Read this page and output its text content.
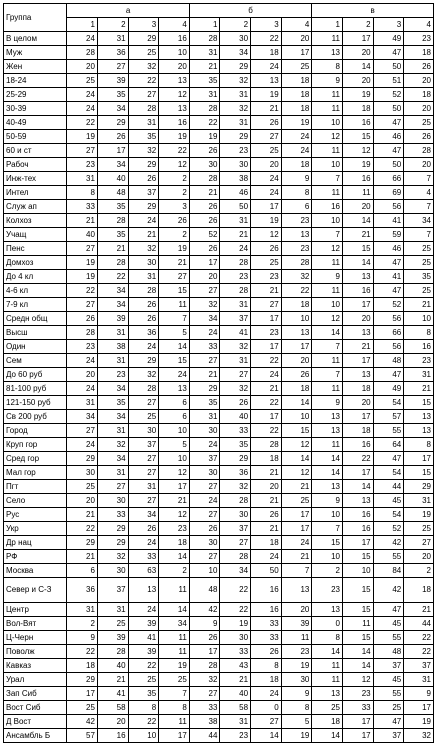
Группа	а				б				в			
	1	2	3	4	1	2	3	4	1	2	3	4
В целом	24	31	29	16	28	30	22	20	11	17	49	23
Муж	28	36	25	10	31	34	18	17	13	20	47	18
Жен	20	27	32	20	21	29	24	25	8	14	50	26
18-24	25	39	22	13	35	32	13	18	9	20	51	20
25-29	24	35	27	12	31	31	19	18	11	19	52	18
30-39	24	34	28	13	28	32	21	18	11	18	50	20
40-49	22	29	31	16	22	31	26	19	10	16	47	25
50-59	19	26	35	19	19	29	27	24	12	15	46	26
60 и ст	27	17	32	22	26	23	25	24	11	12	47	28
Рабоч	23	34	29	12	30	30	20	18	10	19	50	20
Инж-тех	31	40	26	2	28	38	24	9	7	16	66	7
Интел	8	48	37	2	21	46	24	8	11	11	69	4
Служ ап	33	35	29	3	26	50	17	6	16	20	56	7
Колхоз	21	28	24	26	26	31	19	23	10	14	41	34
Учащ	40	35	21	2	52	21	12	13	7	21	59	7
Пенс	27	21	32	19	26	24	26	23	12	15	46	25
Домхоз	19	28	30	21	17	28	25	28	11	14	47	25
До 4 кл	19	22	31	27	20	23	23	32	9	13	41	35
4-6 кл	22	34	28	15	27	28	21	22	11	16	47	25
7-9 кл	27	34	26	11	32	31	27	18	10	17	52	21
Средн общ	26	39	26	7	34	37	17	10	12	20	56	10
Высш	28	31	36	5	24	41	23	13	14	13	66	8
Один	23	38	24	14	33	32	17	17	7	21	56	16
Сем	24	31	29	15	27	31	22	20	11	17	48	23
До 60 руб	20	23	32	24	21	27	24	26	7	13	47	31
81-100 руб	24	34	28	13	29	32	21	18	11	18	49	21
121-150 руб	31	35	27	6	35	26	22	14	9	20	54	15
Св 200 руб	34	34	25	6	31	40	17	10	13	17	57	13
Город	27	31	30	10	30	33	22	15	13	18	55	13
Круп гор	24	32	37	5	24	35	28	12	11	16	64	8
Сред гор	29	34	27	10	37	29	18	14	14	22	47	17
Мал гор	30	31	27	12	30	36	21	12	14	17	54	15
Пгт	25	27	31	17	27	32	20	21	13	14	44	29
Село	20	30	27	21	24	28	21	25	9	13	45	31
Рус	21	33	34	12	27	30	26	17	10	16	54	19
Укр	22	29	26	23	26	37	21	17	7	16	52	25
Др нац	29	29	24	18	30	27	18	24	15	17	42	27
РФ	21	32	33	14	27	28	24	21	10	15	55	20
Москва	6	30	63	2	10	34	50	7	2	10	84	2
Север и С-З	36	37	13	11	48	22	16	13	23	15	42	18
Центр	31	31	24	14	42	22	16	20	13	15	47	21
Вол-Вят	2	25	39	34	9	19	33	39	0	11	45	44
Ц-Черн	9	39	41	11	26	30	33	11	8	15	55	22
Поволж	22	28	39	11	17	33	26	23	14	14	48	22
Кавказ	18	40	22	19	28	43	8	19	11	14	37	37
Урал	29	21	25	25	32	21	18	30	11	12	45	31
Зап Сиб	17	41	35	7	27	40	24	9	13	23	55	9
Вост Сиб	25	58	8	8	33	58	0	8	25	33	25	17
Д Вост	42	20	22	11	38	31	27	5	18	17	47	19
Ансамбль Б	57	16	10	17	44	23	14	19	14	17	37	32
